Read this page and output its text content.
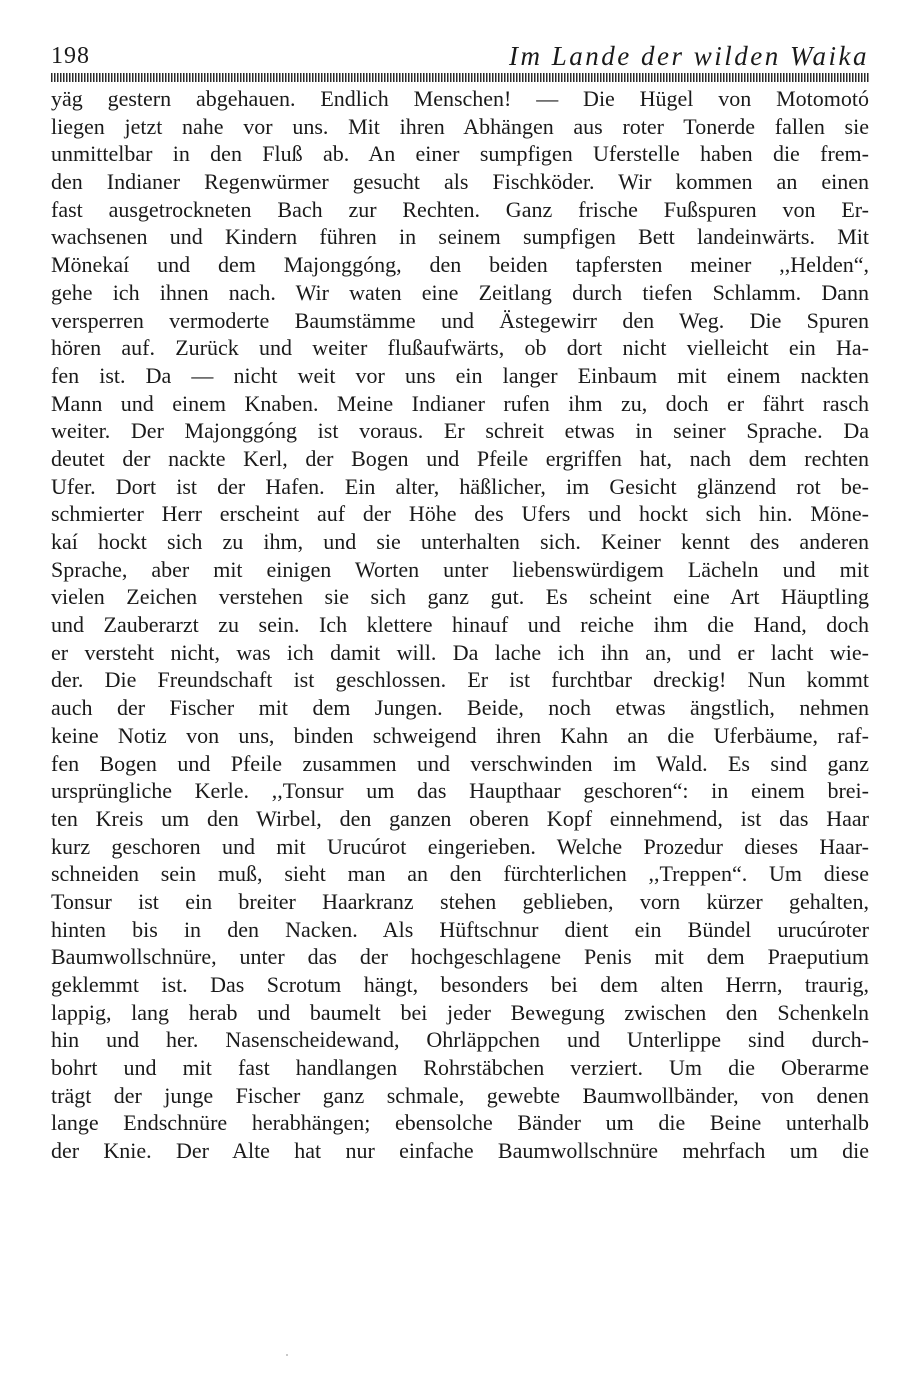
198	Im Lande der wilden Waika
yäg gestern abgehauen. Endlich Menschen! — Die Hügel von Motomotó
liegen jetzt nahe vor uns. Mit ihren Abhängen aus roter Tonerde fallen sie
unmittelbar in den Fluß ab. An einer sumpfigen Uferstelle haben die frem-
den Indianer Regenwürmer gesucht als Fischköder. Wir kommen an einen
fast ausgetrockneten Bach zur Rechten. Ganz frische Fußspuren von Er-
wachsenen und Kindern führen in seinem sumpfigen Bett landeinwärts. Mit
Mönekaí und dem Majonggóng, den beiden tapfersten meiner ,,Helden“,
gehe ich ihnen nach. Wir waten eine Zeitlang durch tiefen Schlamm. Dann
versperren vermoderte Baumstämme und Ästegewirr den Weg. Die Spuren
hören auf. Zurück und weiter flußaufwärts, ob dort nicht vielleicht ein Ha-
fen ist. Da — nicht weit vor uns ein langer Einbaum mit einem nackten
Mann und einem Knaben. Meine Indianer rufen ihm zu, doch er fährt rasch
weiter. Der Majonggóng ist voraus. Er schreit etwas in seiner Sprache. Da
deutet der nackte Kerl, der Bogen und Pfeile ergriffen hat, nach dem rechten
Ufer. Dort ist der Hafen. Ein alter, häßlicher, im Gesicht glänzend rot be-
schmierter Herr erscheint auf der Höhe des Ufers und hockt sich hin. Möne-
kaí hockt sich zu ihm, und sie unterhalten sich. Keiner kennt des anderen
Sprache, aber mit einigen Worten unter liebenswürdigem Lächeln und mit
vielen Zeichen verstehen sie sich ganz gut. Es scheint eine Art Häuptling
und Zauberarzt zu sein. Ich klettere hinauf und reiche ihm die Hand, doch
er versteht nicht, was ich damit will. Da lache ich ihn an, und er lacht wie-
der. Die Freundschaft ist geschlossen. Er ist furchtbar dreckig! Nun kommt
auch der Fischer mit dem Jungen. Beide, noch etwas ängstlich, nehmen
keine Notiz von uns, binden schweigend ihren Kahn an die Uferbäume, raf-
fen Bogen und Pfeile zusammen und verschwinden im Wald. Es sind ganz
ursprüngliche Kerle. ,,Tonsur um das Haupthaar geschoren“: in einem brei-
ten Kreis um den Wirbel, den ganzen oberen Kopf einnehmend, ist das Haar
kurz geschoren und mit Urucúrot eingerieben. Welche Prozedur dieses Haar-
schneiden sein muß, sieht man an den fürchterlichen ,,Treppen“. Um diese
Tonsur ist ein breiter Haarkranz stehen geblieben, vorn kürzer gehalten,
hinten bis in den Nacken. Als Hüftschnur dient ein Bündel urucúroter
Baumwollschnüre, unter das der hochgeschlagene Penis mit dem Praeputium
geklemmt ist. Das Scrotum hängt, besonders bei dem alten Herrn, traurig,
lappig, lang herab und baumelt bei jeder Bewegung zwischen den Schenkeln
hin und her. Nasenscheidewand, Ohrläppchen und Unterlippe sind durch-
bohrt und mit fast handlangen Rohrstäbchen verziert. Um die Oberarme
trägt der junge Fischer ganz schmale, gewebte Baumwollbänder, von denen
lange Endschnüre herabhängen; ebensolche Bänder um die Beine unterhalb
der Knie. Der Alte hat nur einfache Baumwollschnüre mehrfach um die
